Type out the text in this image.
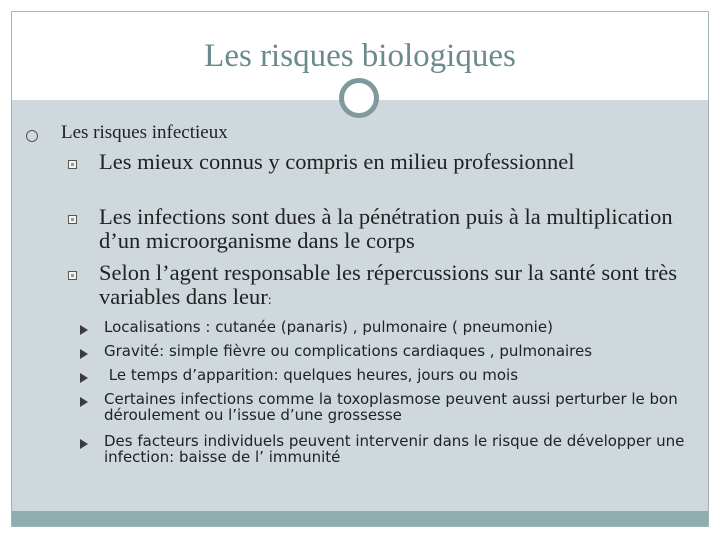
Les risques biologiques
Les risques infectieux
Les mieux connus y compris en milieu professionnel
Les infections sont dues à la pénétration puis à la multiplication d’un microorganisme dans le corps
Selon l’agent responsable les répercussions sur la santé sont très variables dans leur:
Localisations : cutanée (panaris) , pulmonaire ( pneumonie)
Gravité: simple fièvre ou complications cardiaques , pulmonaires
Le temps d’apparition: quelques heures, jours ou mois
Certaines infections comme la toxoplasmose peuvent aussi perturber le bon déroulement ou l’issue d’une grossesse
Des facteurs individuels peuvent intervenir dans le risque de développer une infection: baisse de l’ immunité
